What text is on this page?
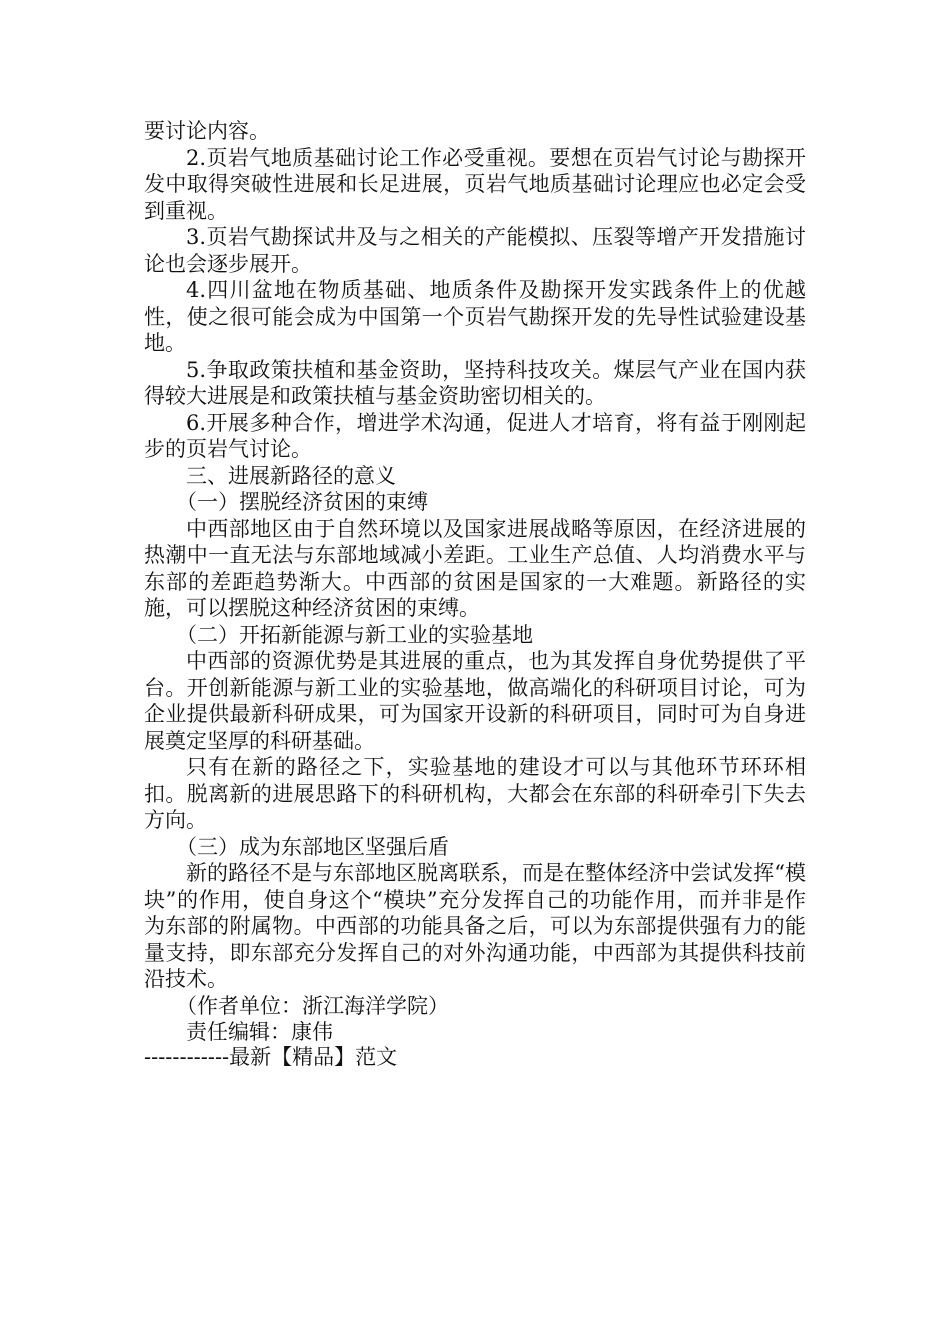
要讨论内容。

2.页岩气地质基础讨论工作必受重视。要想在页岩气讨论与勘探开发中取得突破性进展和长足进展，页岩气地质基础讨论理应也必定会受到重视。

3.页岩气勘探试井及与之相关的产能模拟、压裂等增产开发措施讨论也会逐步展开。

4.四川盆地在物质基础、地质条件及勘探开发实践条件上的优越性，使之很可能会成为中国第一个页岩气勘探开发的先导性试验建设基地。

5.争取政策扶植和基金资助，坚持科技攻关。煤层气产业在国内获得较大进展是和政策扶植与基金资助密切相关的。

6.开展多种合作，增进学术沟通，促进人才培育，将有益于刚刚起步的页岩气讨论。

三、进展新路径的意义

（一）摆脱经济贫困的束缚

中西部地区由于自然环境以及国家进展战略等原因，在经济进展的热潮中一直无法与东部地域减小差距。工业生产总值、人均消费水平与东部的差距趋势渐大。中西部的贫困是国家的一大难题。新路径的实施，可以摆脱这种经济贫困的束缚。

（二）开拓新能源与新工业的实验基地

中西部的资源优势是其进展的重点，也为其发挥自身优势提供了平台。开创新能源与新工业的实验基地，做高端化的科研项目讨论，可为企业提供最新科研成果，可为国家开设新的科研项目，同时可为自身进展奠定坚厚的科研基础。

只有在新的路径之下，实验基地的建设才可以与其他环节环环相扣。脱离新的进展思路下的科研机构，大都会在东部的科研牵引下失去方向。

（三）成为东部地区坚强后盾

新的路径不是与东部地区脱离联系，而是在整体经济中尝试发挥“模块”的作用，使自身这个“模块”充分发挥自己的功能作用，而并非是作为东部的附属物。中西部的功能具备之后，可以为东部提供强有力的能量支持，即东部充分发挥自己的对外沟通功能，中西部为其提供科技前沿技术。

（作者单位：浙江海洋学院）

责任编辑：康伟

------------最新【精品】范文
